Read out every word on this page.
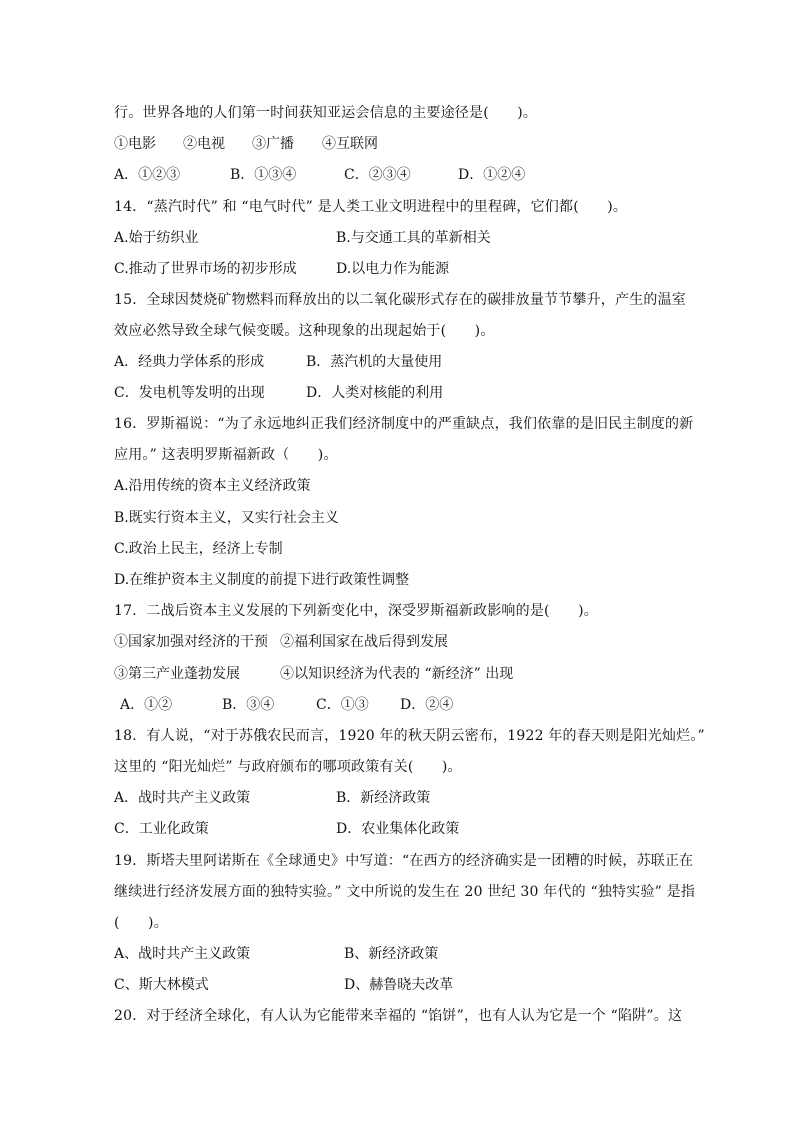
行。世界各地的人们第一时间获知亚运会信息的主要途径是(　　)。
①电影 ②电视 ③广播 ④互联网
A．①②③	B．①③④	C．②③④	D．①②④
14．“蒸汽时代” 和 “电气时代” 是人类工业文明进程中的里程碑，它们都(　　)。
A.始于纺织业	B.与交通工具的革新相关
C.推动了世界市场的初步形成	D.以电力作为能源
15．全球因焚烧矿物燃料而释放出的以二氧化碳形式存在的碳排放量节节攀升，产生的温室
效应必然导致全球气候变暖。这种现象的出现起始于(　　)。
A．经典力学体系的形成	B．蒸汽机的大量使用
C．发电机等发明的出现	D．人类对核能的利用
16．罗斯福说：“为了永远地纠正我们经济制度中的严重缺点，我们依靠的是旧民主制度的新
应用。” 这表明罗斯福新政（　　)。
A.沿用传统的资本主义经济政策
B.既实行资本主义，又实行社会主义
C.政治上民主，经济上专制
D.在维护资本主义制度的前提下进行政策性调整
17．二战后资本主义发展的下列新变化中，深受罗斯福新政影响的是(　　)。
①国家加强对经济的干预 ②福利国家在战后得到发展
③第三产业蓬勃发展	④以知识经济为代表的 “新经济” 出现
A．①②	B．③④	C．①③ D．②④
18．有人说，“对于苏俄农民而言，1920 年的秋天阴云密布，1922 年的春天则是阳光灿烂。”
这里的 “阳光灿烂” 与政府颁布的哪项政策有关(　　)。
A．战时共产主义政策	B．新经济政策
C．工业化政策	D．农业集体化政策
19．斯塔夫里阿诺斯在《全球通史》中写道：“在西方的经济确实是一团糟的时候，苏联正在
继续进行经济发展方面的独特实验。” 文中所说的发生在 20 世纪 30 年代的 “独特实验” 是指
(　　)。
A、战时共产主义政策	B、新经济政策
C、斯大林模式	D、赫鲁晓夫改革
20．对于经济全球化，有人认为它能带来幸福的 “馅饼”，也有人认为它是一个 “陷阱”。这
